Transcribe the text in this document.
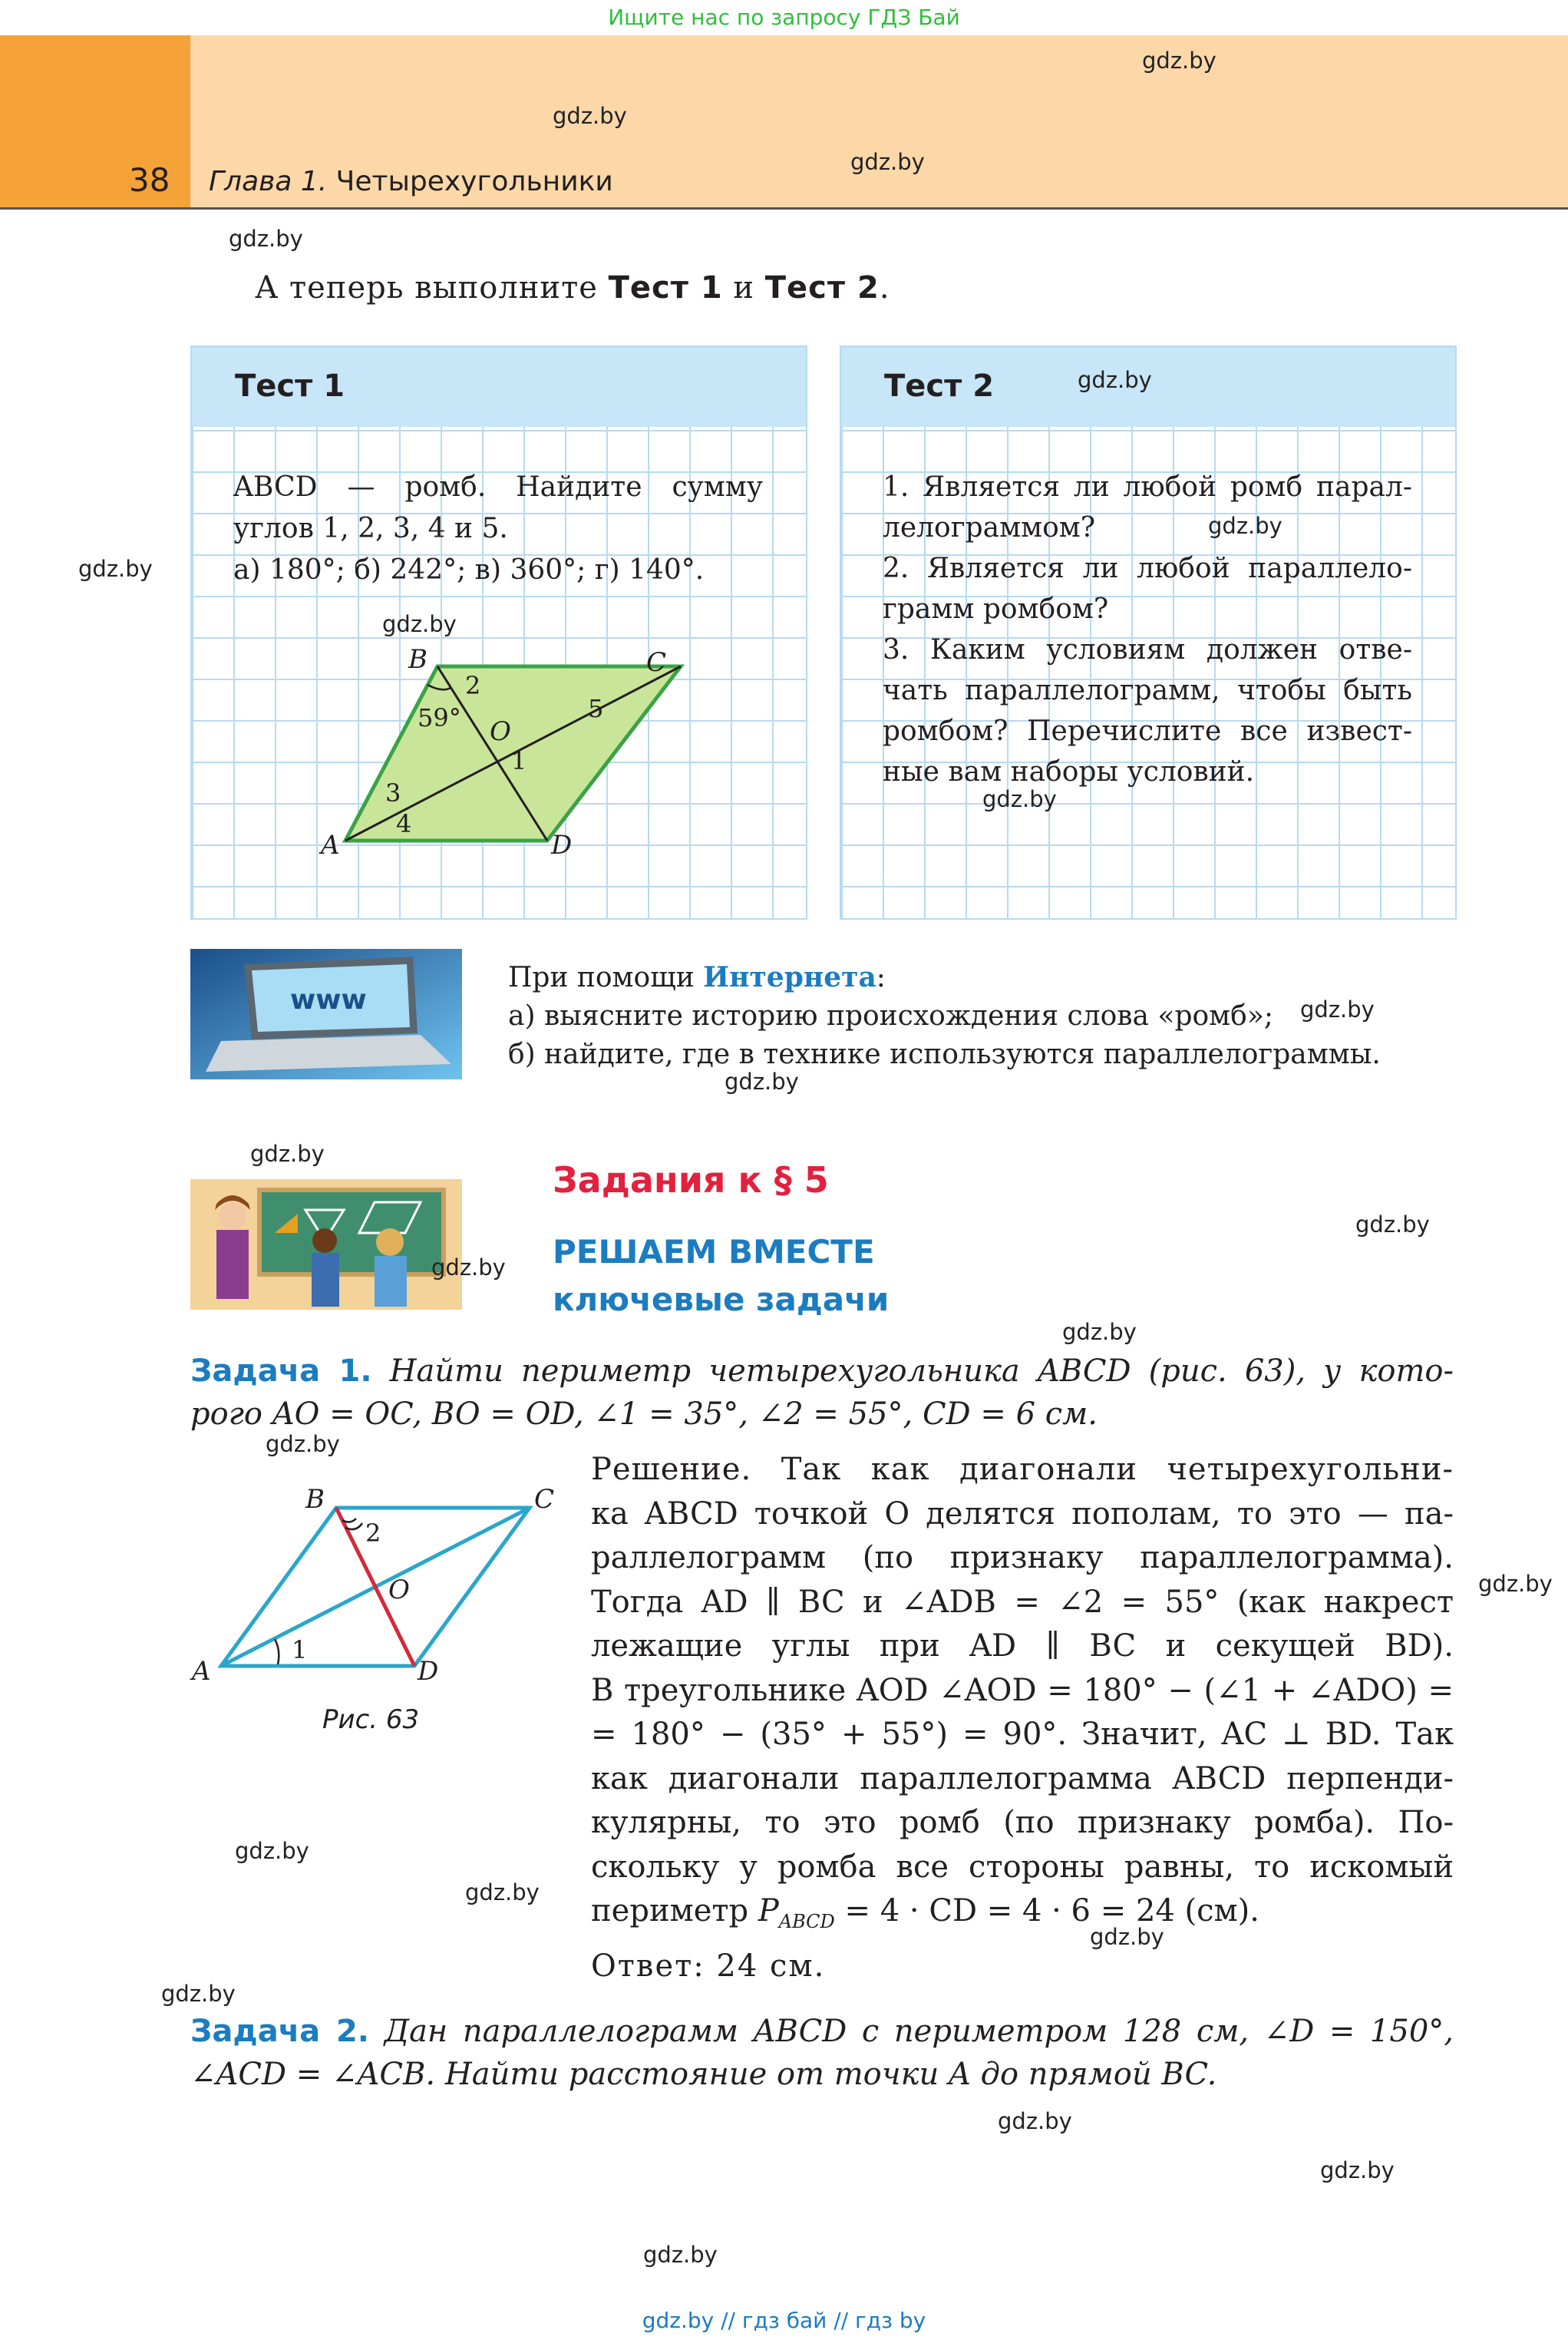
Ищите нас по запросу ГДЗ Бай
38 Глава 1. Четырехугольники
А теперь выполните Тест 1 и Тест 2.
Тест 1

ABCD — ромб. Найдите сумму

углов 1, 2, 3, 4 и 5.

а) 180°; б) 242°; в) 360°; г) 140°.

B	C
A	D
O
2
59°	5
1
3
4
Тест 2

1. Является ли любой ромб парал-

лелограммом?

2. Является ли любой параллело-

грамм ромбом?

3. Каким условиям должен отве-

чать параллелограмм, чтобы быть

ромбом? Перечислите все извест-

ные вам наборы условий.

www

При помощи Интернета:

а) выясните историю происхождения слова «ромб»;

б) найдите, где в технике используются параллелограммы.

Задания к § 5

РЕШАЕМ ВМЕСТЕ

ключевые задачи

Задача 1. Найти периметр четырехугольника ABCD (рис. 63), у кото-

рого AO = OC, BO = OD, ∠1 = 35°, ∠2 = 55°, CD = 6 см.

B	C
A	D
O
2
1
Рис. 63

Решение. Так как диагонали четырехугольни-

ка ABCD точкой O делятся пополам, то это — па-

раллелограмм (по признаку параллелограмма).

Тогда AD ∥ BC и ∠ADB = ∠2 = 55° (как накрест

лежащие углы при AD ∥ BC и секущей BD).

В треугольнике AOD ∠AOD = 180° − (∠1 + ∠ADO) =

= 180° − (35° + 55°) = 90°. Значит, AC ⊥ BD. Так

как диагонали параллелограмма ABCD перпенди-

кулярны, то это ромб (по признаку ромба). По-

скольку у ромба все стороны равны, то искомый

периметр $P_{ABCD} = 4$ · CD = 4 · 6 = 24 (см).

Ответ: 24 см.

Задача 2. Дан параллелограмм ABCD с периметром 128 см, ∠D = 150°,

∠ACD = ∠ACB. Найти расстояние от точки A до прямой BC.

gdz.by
gdz.by
gdz.by
gdz.by
gdz.by
gdz.by
gdz.by
gdz.by
gdz.by
gdz.by
gdz.by
gdz.by
gdz.by
gdz.by
gdz.by
gdz.by
gdz.by
gdz.by
gdz.by
gdz.by
gdz.by
gdz.by
gdz.by
gdz.by
gdz.by // гдз бай // гдз by
